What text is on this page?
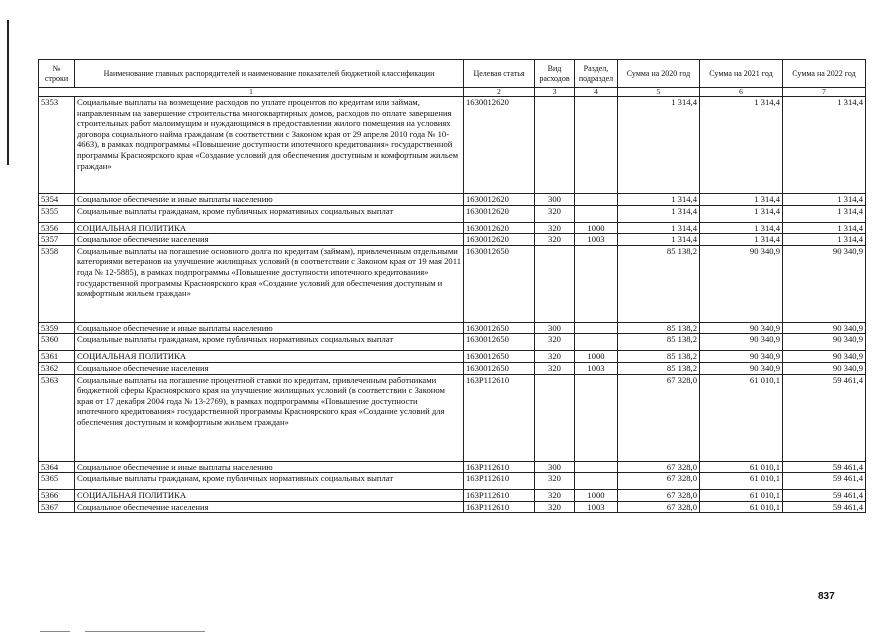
№ строки	Наименование главных распорядителей и наименование показателей бюджетной классификации	Целевая статья	Вид расходов	Раздел, подраздел	Сумма на 2020 год	Сумма на 2021 год	Сумма на 2022 год
1		2	3	4	5	6	7
5353	Социальные выплаты на возмещение расходов по уплате процентов по кредитам или займам, направленным на завершение строительства многоквартирных домов, расходов по оплате завершения строительных работ малоимущим и нуждающимся в предоставлении жилого помещения на условиях договора социального найма гражданам (в соответствии с Законом края от 29 апреля 2010 года № 10-4663), в рамках подпрограммы «Повышение доступности ипотечного кредитования» государственной программы Красноярского края «Создание условий для обеспечения доступным и комфортным жильем граждан»	1630012620			1 314,4	1 314,4	1 314,4
5354	Социальное обеспечение и иные выплаты населению	1630012620	300		1 314,4	1 314,4	1 314,4
5355	Социальные выплаты гражданам, кроме публичных нормативных социальных выплат	1630012620	320		1 314,4	1 314,4	1 314,4
5356	СОЦИАЛЬНАЯ ПОЛИТИКА	1630012620	320	1000	1 314,4	1 314,4	1 314,4
5357	Социальное обеспечение населения	1630012620	320	1003	1 314,4	1 314,4	1 314,4
5358	Социальные выплаты на погашение основного долга по кредитам (займам), привлеченным отдельными категориями ветеранов на улучшение жилищных условий (в соответствии с Законом края от 19 мая 2011 года № 12-5885), в рамках подпрограммы «Повышение доступности ипотечного кредитования» государственной программы Красноярского края «Создание условий для обеспечения доступным и комфортным жильем граждан»	1630012650			85 138,2	90 340,9	90 340,9
5359	Социальное обеспечение и иные выплаты населению	1630012650	300		85 138,2	90 340,9	90 340,9
5360	Социальные выплаты гражданам, кроме публичных нормативных социальных выплат	1630012650	320		85 138,2	90 340,9	90 340,9
5361	СОЦИАЛЬНАЯ ПОЛИТИКА	1630012650	320	1000	85 138,2	90 340,9	90 340,9
5362	Социальное обеспечение населения	1630012650	320	1003	85 138,2	90 340,9	90 340,9
5363	Социальные выплаты на погашение процентной ставки по кредитам, привлеченным работниками бюджетной сферы Красноярского края на улучшение жилищных условий (в соответствии с Законом края от 17 декабря 2004 года № 13-2769), в рамках подпрограммы «Повышение доступности ипотечного кредитования» государственной программы Красноярского края «Создание условий для обеспечения доступным и комфортным жильем граждан»	163P112610			67 328,0	61 010,1	59 461,4
5364	Социальное обеспечение и иные выплаты населению	163P112610	300		67 328,0	61 010,1	59 461,4
5365	Социальные выплаты гражданам, кроме публичных нормативных социальных выплат	163P112610	320		67 328,0	61 010,1	59 461,4
5366	СОЦИАЛЬНАЯ ПОЛИТИКА	163P112610	320	1000	67 328,0	61 010,1	59 461,4
5367	Социальное обеспечение населения	163P112610	320	1003	67 328,0	61 010,1	59 461,4
837
